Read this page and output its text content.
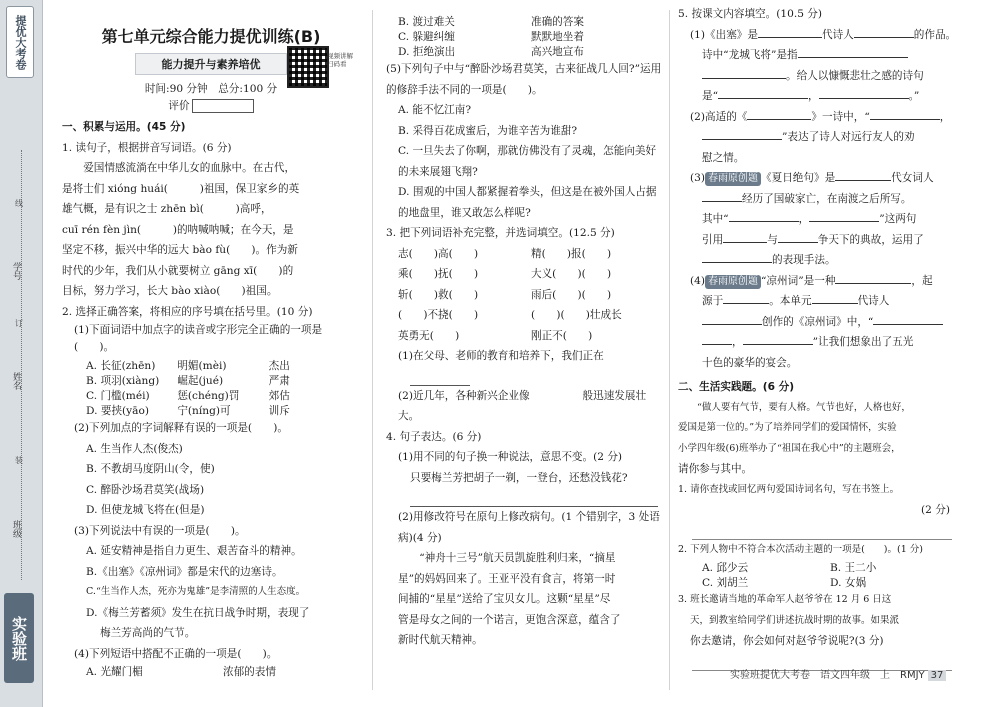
提优大考卷
学号
姓名
班级
线
订
装
实验班
第七单元综合能力提优训练(B)
能力提升与素养培优
视频讲解 扫码看
时间:90 分钟　总分:100 分
评价

一、积累与运用。(45 分)

1. 读句子，根据拼音写词语。(6 分)

爱国情感流淌在中华儿女的血脉中。在古代，

是将士们 xióng huái(　　　)祖国，保卫家乡的英

雄气概，是有识之士 zhēn bì(　　　)高呼，

cuī rén fèn jìn(　　　)的呐喊呐喊；在今天，是

坚定不移，振兴中华的远大 bào fù(　　)。作为新

时代的少年，我们从小就要树立 gāng xī(　　)的

目标，努力学习，长大 bào xiào(　　)祖国。

2. 选择正确答案，将相应的序号填在括号里。(10 分)

(1)下面词语中加点字的读音或字形完全正确的一项是(　　)。

A. 长征(zhēn)	明媚(mèi)	杰出
B. 项羽(xiàng)	崛起(jué)	严肃
C. 门槛(méi)	惩(chéng)罚	郊估
D. 要挟(yāo)	宁(níng)可	训斥

(2)下列加点的字词解释有误的一项是(　　)。

A. 生当作人杰(俊杰)

B. 不教胡马度阴山(令，使)

C. 醉卧沙场君莫笑(战场)

D. 但使龙城飞将在(但是)

(3)下列说法中有误的一项是(　　)。

A. 延安精神是指自力更生、艰苦奋斗的精神。

B.《出塞》《凉州词》都是宋代的边塞诗。

C.“生当作人杰，死亦为鬼雄”是李清照的人生态度。

D.《梅兰芳蓄须》发生在抗日战争时期，表现了

梅兰芳高尚的气节。

(4)下列短语中搭配不正确的一项是(　　)。

A. 光耀门楣	浓郁的表情
B. 渡过难关	准确的答案
C. 躲避纠缠	默默地坐着
D. 拒绝演出	高兴地宣布

(5)下列句子中与“醉卧沙场君莫笑，古来征战几人回?”运用的修辞手法不同的一项是(　　)。

A. 能不忆江南?

B. 采得百花成蜜后，为谁辛苦为谁甜?

C. 一旦失去了你啊，那就仿佛没有了灵魂，怎能向美好的未来展翅飞翔?

D. 围观的中国人都紧握着拳头，但这是在被外国人占据的地盘里，谁又敢怎么样呢?

3. 把下列词语补充完整，并选词填空。(12.5 分)

志(　　)高(　　)	精(　　)报(　　)

乘(　　)抚(　　)	大义(　　)(　　)

斩(　　)救(　　)	雨后(　　)(　　)

(　　)不挠(　　)	(　　)(　　)壮成长

英勇无(　　)	刚正不(　　)

(1)在父母、老师的教育和培养下，我们正在

(2)近几年，各种新兴企业像　　　　　般迅速发展壮大。

4. 句子表达。(6 分)

(1)用不同的句子换一种说法，意思不变。(2 分)

只要梅兰芳把胡子一剃，一登台，还愁没钱花?

(2)用修改符号在原句上修改病句。(1 个错别字，3 处语病)(4 分)

“神舟十三号”航天员凯旋胜利归来，“摘星

星”的妈妈回来了。王亚平没有食言，将第一时

间捕的“星星”送给了宝贝女儿。这颗“星星”尽

管是母女之间的一个诺言，更饱含深意，蕴含了

新时代航天精神。

5. 按课文内容填空。(10.5 分)

(1)《出塞》是	代诗人	的作品。

诗中“龙城飞将”是指

。给人以慷慨悲壮之感的诗句

是“	，	。”

(2)高适的《	》一诗中，“	，

”表达了诗人对远行友人的劝

慰之情。

(3) 春雨原创题 《夏日绝句》是	代女词人

经历了国破家亡，在南渡之后所写。

其中“	，	”这两句

引用	与	争天下的典故，运用了

的表现手法。

(4) 春雨原创题 “凉州词”是一种	，起

源于	。本单元	代诗人

创作的《凉州词》中，“

，	”让我们想象出了五光

十色的豪华的宴会。

二、生活实践题。(6 分)

“做人要有气节，要有人格。气节也好，人格也好，

爱国是第一位的。”为了培养同学们的爱国情怀，实验

小学四年级(6)班举办了“祖国在我心中”的主题班会，

请你参与其中。

1. 请你查找或回忆两句爱国诗词名句，写在书签上。

(2 分)

2. 下列人物中不符合本次活动主题的一项是(　　)。(1 分)

A. 邱少云	B. 王二小
C. 刘胡兰	D. 女娲

3. 班长邀请当地的革命军人赵爷爷在 12 月 6 日这

天，到教室给同学们讲述抗战时期的故事。如果派

你去邀请，你会如何对赵爷爷说呢?(3 分)

实验班提优大考卷　语文四年级　上　RMJY 37
